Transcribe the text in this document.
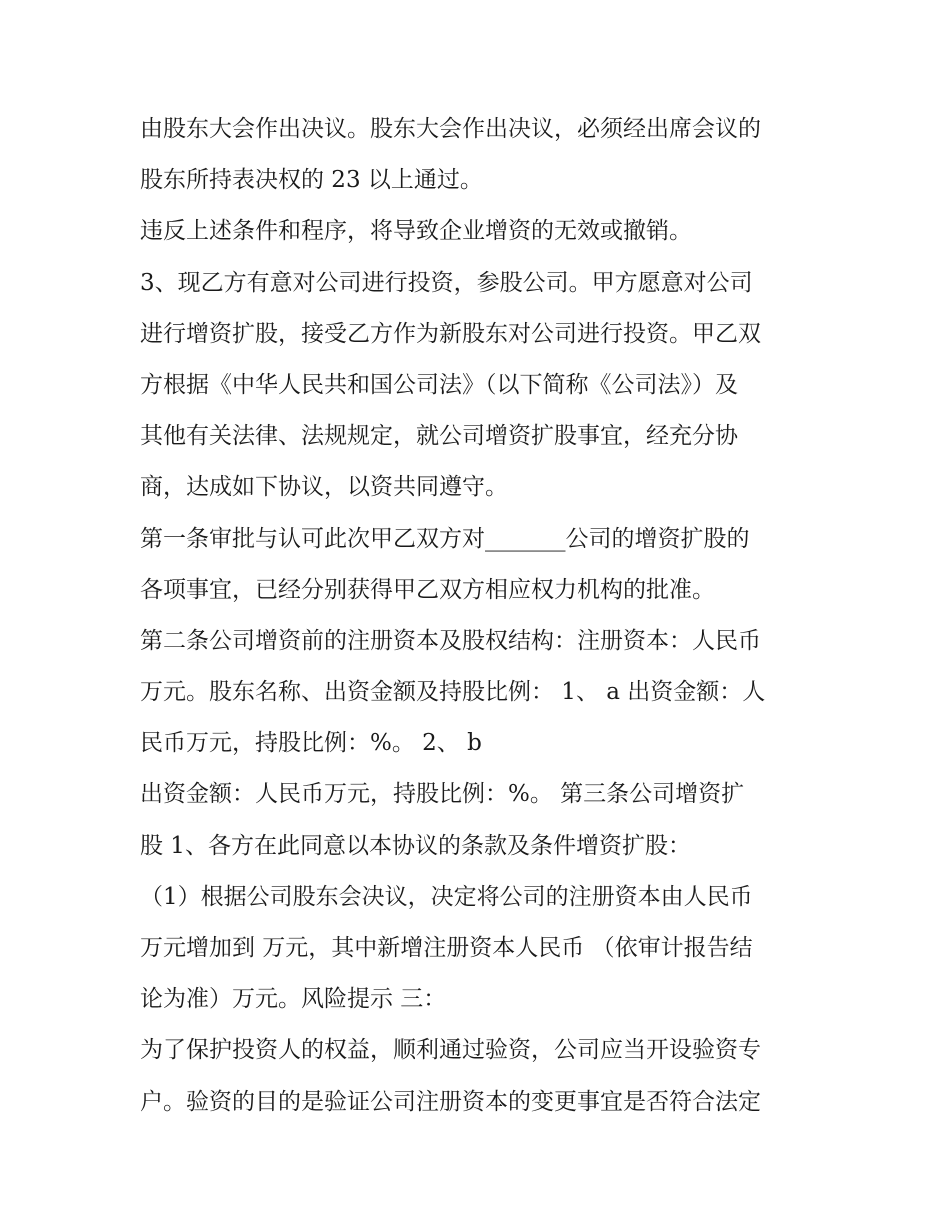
由股东大会作出决议。股东大会作出决议，必须经出席会议的
股东所持表决权的 23 以上通过。
违反上述条件和程序，将导致企业增资的无效或撤销。
3、现乙方有意对公司进行投资，参股公司。甲方愿意对公司
进行增资扩股，接受乙方作为新股东对公司进行投资。甲乙双
方根据《中华人民共和国公司法》（以下简称《公司法》）及
其他有关法律、法规规定，就公司增资扩股事宜，经充分协
商，达成如下协议，以资共同遵守。
第一条审批与认可此次甲乙双方对_______公司的增资扩股的
各项事宜，已经分别获得甲乙双方相应权力机构的批准。
第二条公司增资前的注册资本及股权结构：注册资本：人民币
万元。股东名称、出资金额及持股比例： 1、 a 出资金额：人
民币万元，持股比例：%。 2、 b
出资金额：人民币万元，持股比例：%。 第三条公司增资扩
股 1、各方在此同意以本协议的条款及条件增资扩股：
（1）根据公司股东会决议，决定将公司的注册资本由人民币
万元增加到 万元，其中新增注册资本人民币 （依审计报告结
论为准）万元。风险提示 三：
为了保护投资人的权益，顺利通过验资，公司应当开设验资专
户。验资的目的是验证公司注册资本的变更事宜是否符合法定
